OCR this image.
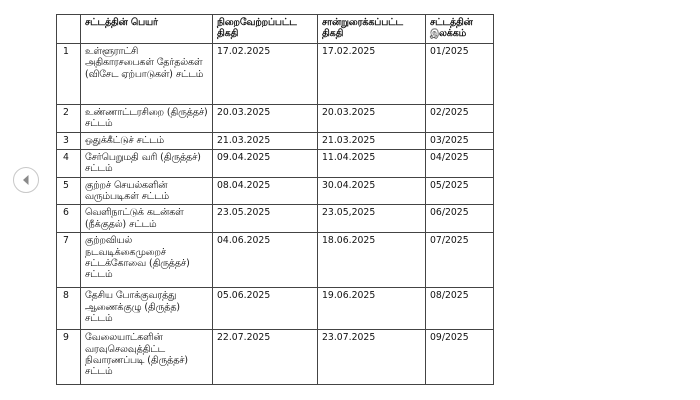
	சட்டத்தின் பெயர்	நிறைவேற்றப்பட்ட திகதி	சான்றுரைக்கப்பட்ட திகதி	சட்டத்தின் இலக்கம்
1	உள்ளூராட்சி அதிகாரசபைகள் தேர்தல்கள் (விசேட ஏற்பாடுகள்) சட்டம்	17.02.2025	17.02.2025	01/2025
2	உண்ணாட்டரசிறை (திருத்தச்) சட்டம்	20.03.2025	20.03.2025	02/2025
3	ஒதுக்கீட்டுச் சட்டம்	21.03.2025	21.03.2025	03/2025
4	சேர்பெறுமதி வரி (திருத்தச்) சட்டம்	09.04.2025	11.04.2025	04/2025
5	குற்றச் செயல்களின் வரும்படிகள் சட்டம்	08.04.2025	30.04.2025	05/2025
6	வெளிநாட்டுக் கடன்கள் (நீக்குதல்) சட்டம்	23.05.2025	23.05,2025	06/2025
7	குற்றவியல் நடவடிக்கைமுறைச் சட்டக்கோவை (திருத்தச்) சட்டம்	04.06.2025	18.06.2025	07/2025
8	தேசிய போக்குவரத்து ஆணைக்குழு (திருத்த) சட்டம்	05.06.2025	19.06.2025	08/2025
9	வேலையாட்களின் வரவுசெலவுத்திட்ட நிவாரணப்படி (திருத்தச்) சட்டம்	22.07.2025	23.07.2025	09/2025
